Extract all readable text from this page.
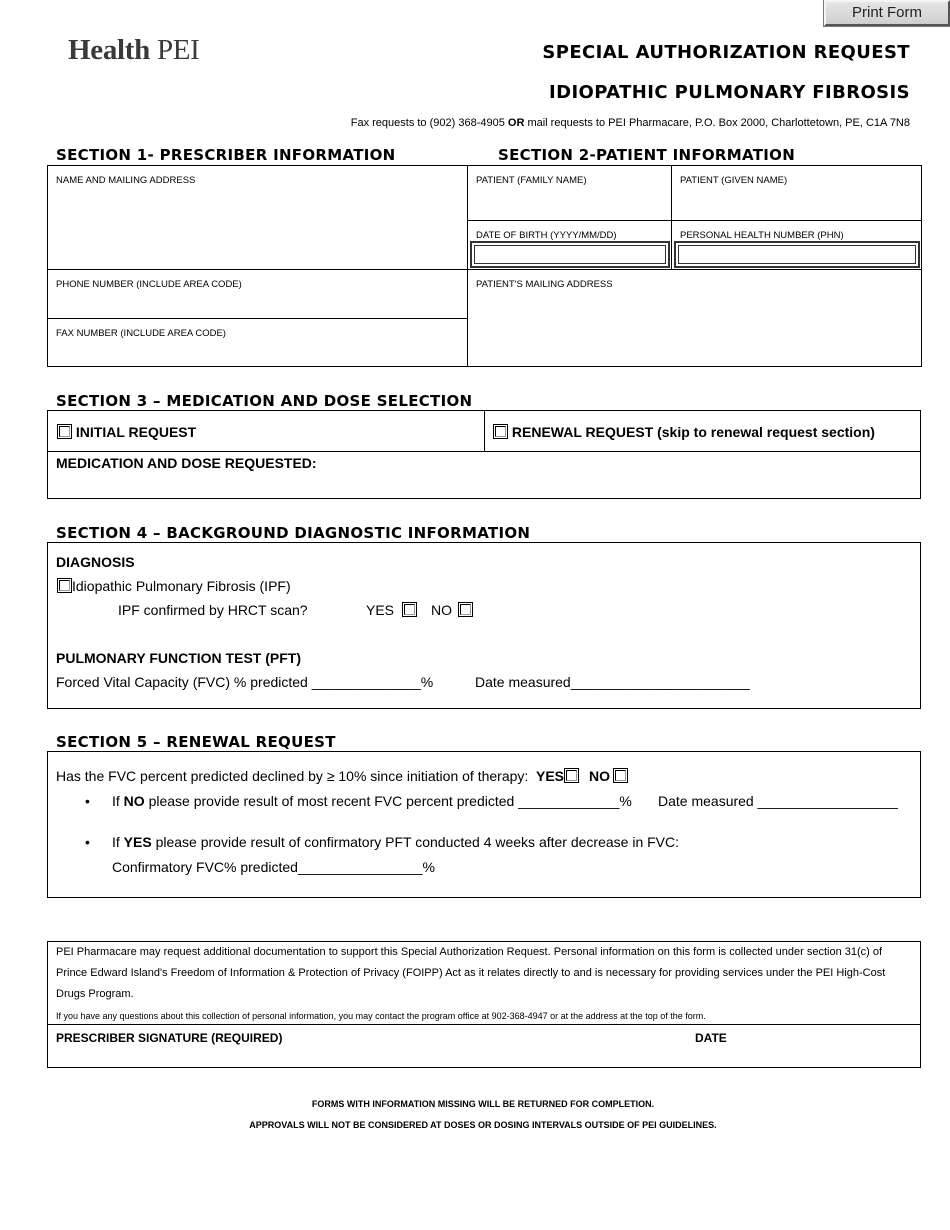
Print Form
Health PEI	SPECIAL AUTHORIZATION REQUEST
IDIOPATHIC PULMONARY FIBROSIS
Fax requests to (902) 368-4905 OR mail requests to PEI Pharmacare, P.O. Box 2000, Charlottetown, PE, C1A 7N8
SECTION 1- PRESCRIBER INFORMATION	SECTION 2-PATIENT INFORMATION
NAME AND MAILING ADDRESS
PHONE NUMBER (INCLUDE AREA CODE)
FAX NUMBER (INCLUDE AREA CODE)
PATIENT (FAMILY NAME)	PATIENT (GIVEN NAME)
DATE OF BIRTH (YYYY/MM/DD)	PERSONAL HEALTH NUMBER (PHN)
PATIENT'S MAILING ADDRESS
SECTION 3 – MEDICATION AND DOSE SELECTION
INITIAL REQUEST	RENEWAL REQUEST (skip to renewal request section)
MEDICATION AND DOSE REQUESTED:
SECTION 4 – BACKGROUND DIAGNOSTIC INFORMATION
DIAGNOSIS
Idiopathic Pulmonary Fibrosis (IPF)
IPF confirmed by HRCT scan?	YES	NO
PULMONARY FUNCTION TEST (PFT)
Forced Vital Capacity (FVC) % predicted ______________%	Date measured_______________________
SECTION 5 – RENEWAL REQUEST
Has the FVC percent predicted declined by ≥ 10% since initiation of therapy: YES	NO
• If NO please provide result of most recent FVC percent predicted _____________% Date measured __________________
• If YES please provide result of confirmatory PFT conducted 4 weeks after decrease in FVC:
Confirmatory FVC% predicted________________%
PEI Pharmacare may request additional documentation to support this Special Authorization Request. Personal information on this form is collected under section 31(c) of Prince Edward Island's Freedom of Information & Protection of Privacy (FOIPP) Act as it relates directly to and is necessary for providing services under the PEI High-Cost Drugs Program.
If you have any questions about this collection of personal information, you may contact the program office at 902-368-4947 or at the address at the top of the form.
PRESCRIBER SIGNATURE (REQUIRED)	DATE
FORMS WITH INFORMATION MISSING WILL BE RETURNED FOR COMPLETION.
APPROVALS WILL NOT BE CONSIDERED AT DOSES OR DOSING INTERVALS OUTSIDE OF PEI GUIDELINES.
